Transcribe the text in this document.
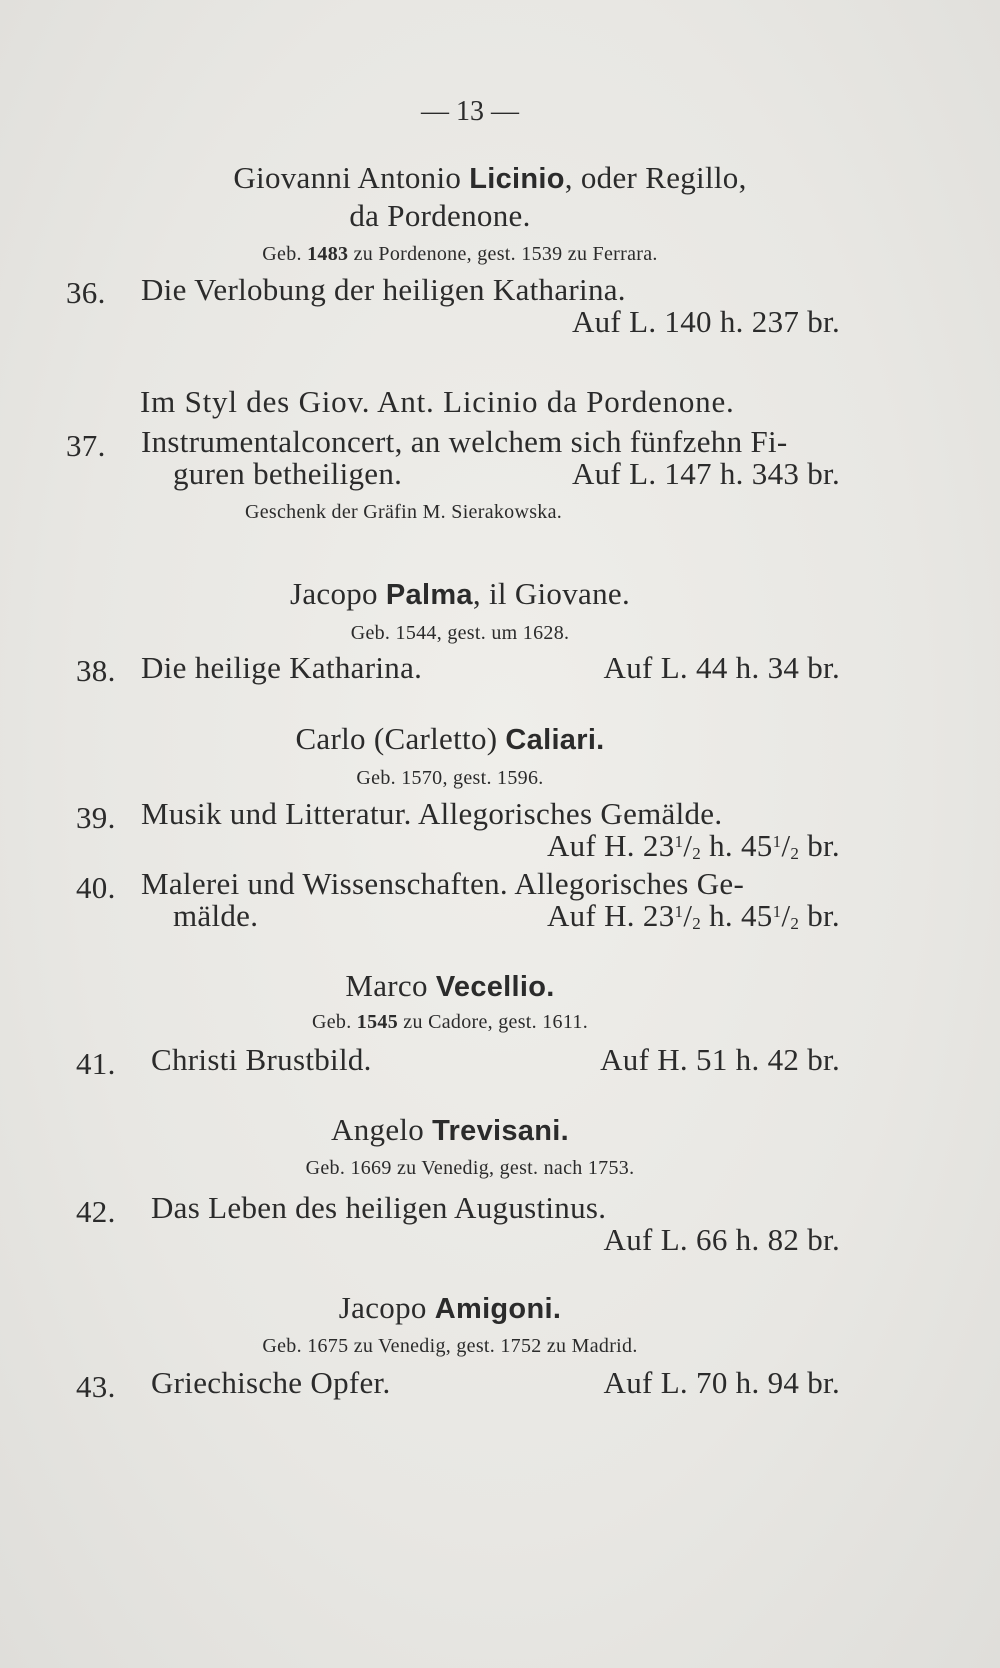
— 13 —
Giovanni Antonio Licinio, oder Regillo,
da Pordenone.
Geb. 1483 zu Pordenone, gest. 1539 zu Ferrara.
36. Die Verlobung der heiligen Katharina.
Auf L. 140 h. 237 br.
Im Styl des Giov. Ant. Licinio da Pordenone.
37. Instrumentalconcert, an welchem sich fünfzehn Fi-
guren betheiligen.	Auf L. 147 h. 343 br.
Geschenk der Gräfin M. Sierakowska.
Jacopo Palma, il Giovane.
Geb. 1544, gest. um 1628.
38. Die heilige Katharina.	Auf L. 44 h. 34 br.
Carlo (Carletto) Caliari.
Geb. 1570, gest. 1596.
39. Musik und Litteratur. Allegorisches Gemälde.
Auf H. $23^1/2$ h. $45^1/2$ br.
40. Malerei und Wissenschaften. Allegorisches Ge-
mälde.	Auf H. $23^1/2$ h. $45^1/2$ br.
Marco Vecellio.
Geb. 1545 zu Cadore, gest. 1611.
41. Christi Brustbild.	Auf H. 51 h. 42 br.
Angelo Trevisani.
Geb. 1669 zu Venedig, gest. nach 1753.
42. Das Leben des heiligen Augustinus.
Auf L. 66 h. 82 br.
Jacopo Amigoni.
Geb. 1675 zu Venedig, gest. 1752 zu Madrid.
43. Griechische Opfer.	Auf L. 70 h. 94 br.
